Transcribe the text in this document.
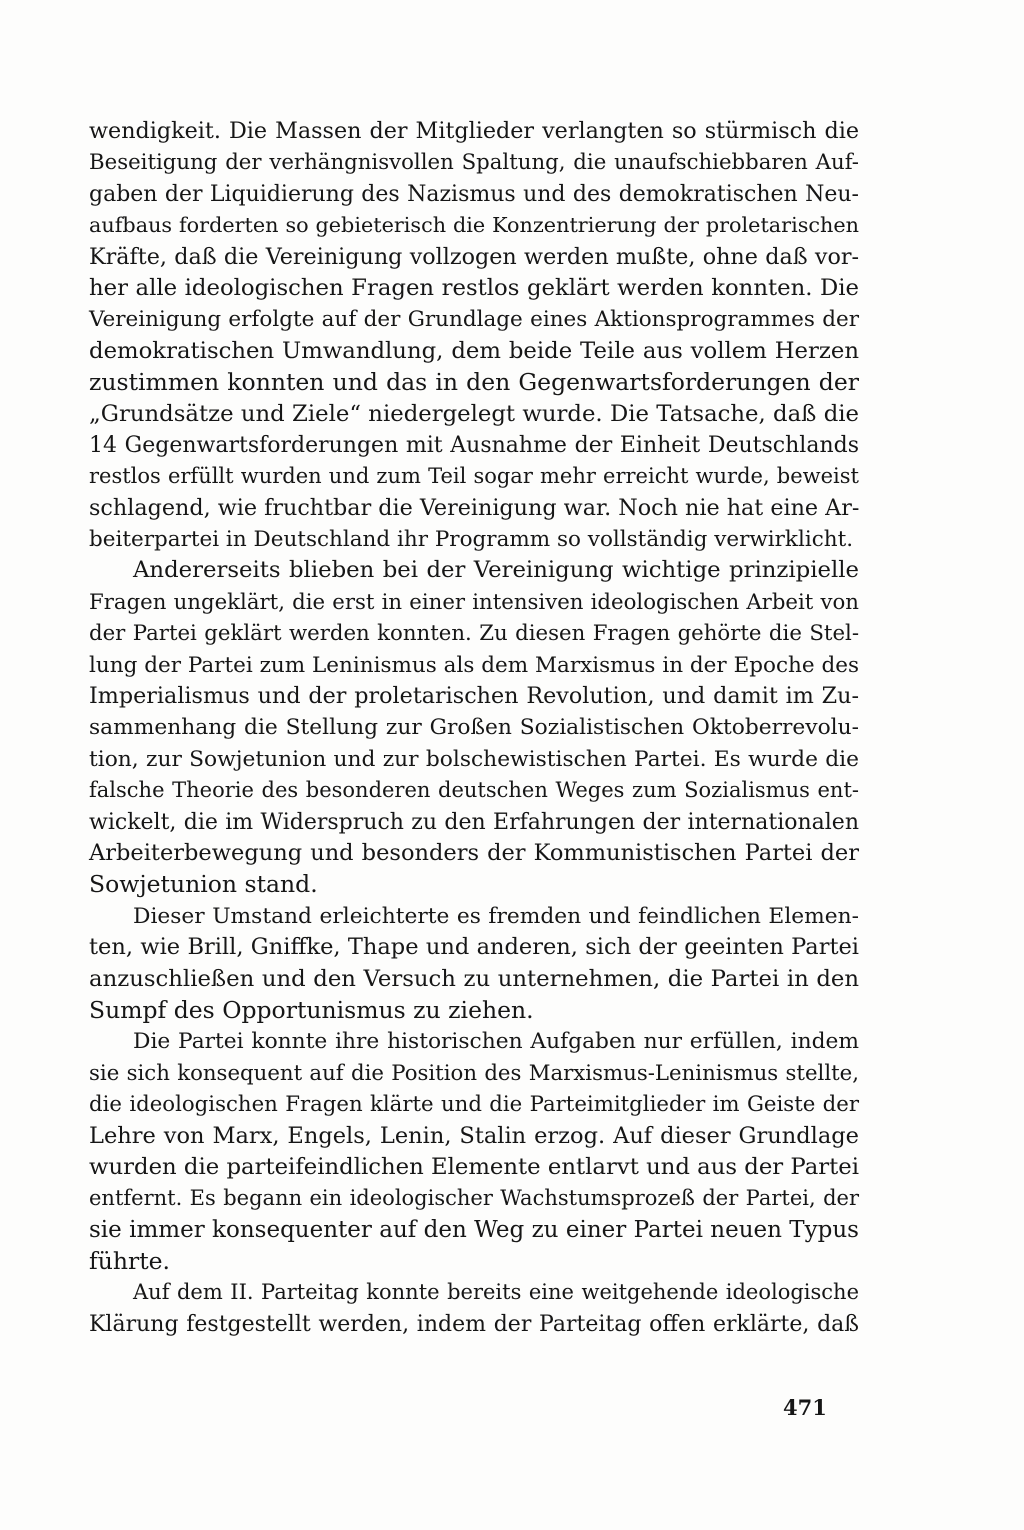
wendigkeit. Die Massen der Mitglieder verlangten so stürmisch die
Beseitigung der verhängnisvollen Spaltung, die unaufschiebbaren Auf-
gaben der Liquidierung des Nazismus und des demokratischen Neu-
aufbaus forderten so gebieterisch die Konzentrierung der proletarischen
Kräfte, daß die Vereinigung vollzogen werden mußte, ohne daß vor-
her alle ideologischen Fragen restlos geklärt werden konnten. Die
Vereinigung erfolgte auf der Grundlage eines Aktionsprogrammes der
demokratischen Umwandlung, dem beide Teile aus vollem Herzen
zustimmen konnten und das in den Gegenwartsforderungen der
„Grundsätze und Ziele“ niedergelegt wurde. Die Tatsache, daß die
14 Gegenwartsforderungen mit Ausnahme der Einheit Deutschlands
restlos erfüllt wurden und zum Teil sogar mehr erreicht wurde, beweist
schlagend, wie fruchtbar die Vereinigung war. Noch nie hat eine Ar-
beiterpartei in Deutschland ihr Programm so vollständig verwirklicht.
Andererseits blieben bei der Vereinigung wichtige prinzipielle
Fragen ungeklärt, die erst in einer intensiven ideologischen Arbeit von
der Partei geklärt werden konnten. Zu diesen Fragen gehörte die Stel-
lung der Partei zum Leninismus als dem Marxismus in der Epoche des
Imperialismus und der proletarischen Revolution, und damit im Zu-
sammenhang die Stellung zur Großen Sozialistischen Oktoberrevolu-
tion, zur Sowjetunion und zur bolschewistischen Partei. Es wurde die
falsche Theorie des besonderen deutschen Weges zum Sozialismus ent-
wickelt, die im Widerspruch zu den Erfahrungen der internationalen
Arbeiterbewegung und besonders der Kommunistischen Partei der
Sowjetunion stand.
Dieser Umstand erleichterte es fremden und feindlichen Elemen-
ten, wie Brill, Gniffke, Thape und anderen, sich der geeinten Partei
anzuschließen und den Versuch zu unternehmen, die Partei in den
Sumpf des Opportunismus zu ziehen.
Die Partei konnte ihre historischen Aufgaben nur erfüllen, indem
sie sich konsequent auf die Position des Marxismus-Leninismus stellte,
die ideologischen Fragen klärte und die Parteimitglieder im Geiste der
Lehre von Marx, Engels, Lenin, Stalin erzog. Auf dieser Grundlage
wurden die parteifeindlichen Elemente entlarvt und aus der Partei
entfernt. Es begann ein ideologischer Wachstumsprozeß der Partei, der
sie immer konsequenter auf den Weg zu einer Partei neuen Typus
führte.
Auf dem II. Parteitag konnte bereits eine weitgehende ideologische
Klärung festgestellt werden, indem der Parteitag offen erklärte, daß
471
